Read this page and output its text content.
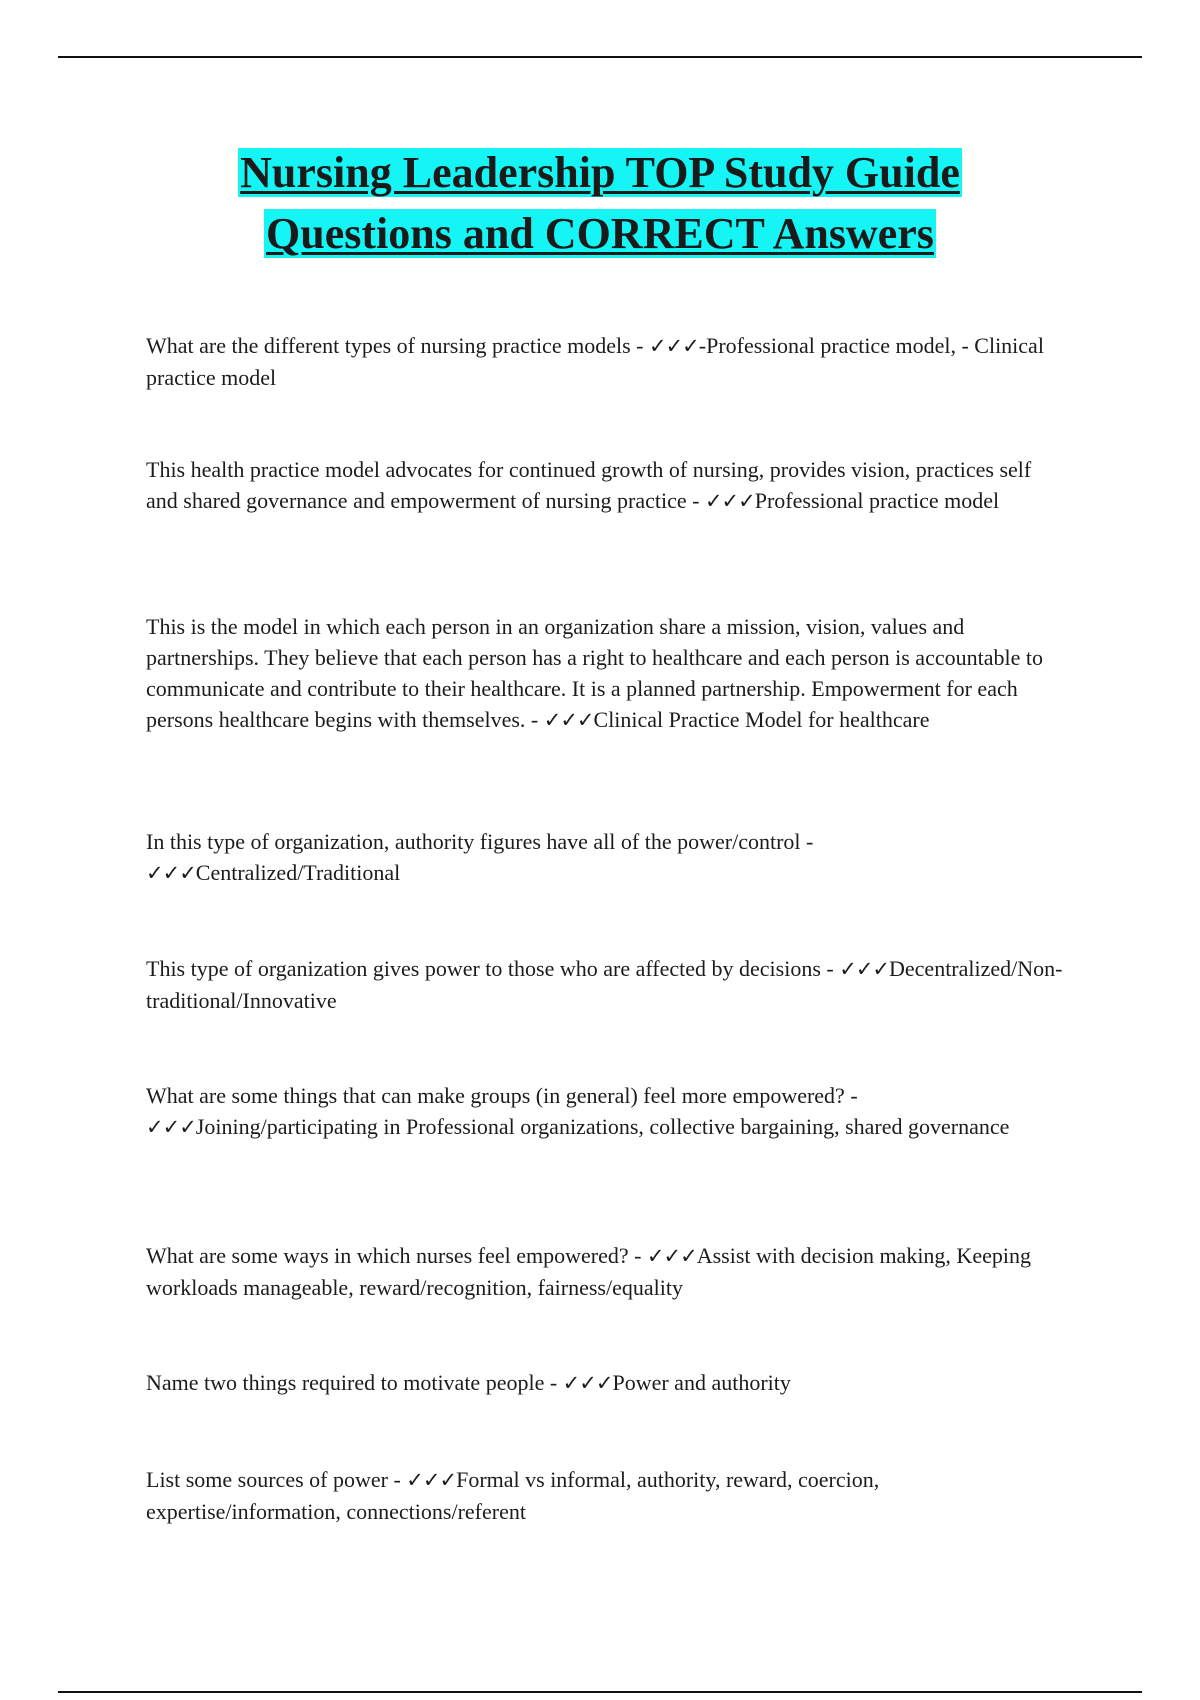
Nursing Leadership TOP Study Guide
Questions and CORRECT Answers

What are the different types of nursing practice models - ✓✓✓-Professional practice model, - Clinical practice model

This health practice model advocates for continued growth of nursing, provides vision, practices self and shared governance and empowerment of nursing practice - ✓✓✓Professional practice model

This is the model in which each person in an organization share a mission, vision, values and partnerships. They believe that each person has a right to healthcare and each person is accountable to communicate and contribute to their healthcare. It is a planned partnership. Empowerment for each persons healthcare begins with themselves. - ✓✓✓Clinical Practice Model for healthcare

In this type of organization, authority figures have all of the power/control - ✓✓✓Centralized/Traditional

This type of organization gives power to those who are affected by decisions - ✓✓✓Decentralized/Non-traditional/Innovative

What are some things that can make groups (in general) feel more empowered? - ✓✓✓Joining/participating in Professional organizations, collective bargaining, shared governance

What are some ways in which nurses feel empowered? - ✓✓✓Assist with decision making, Keeping workloads manageable, reward/recognition, fairness/equality

Name two things required to motivate people - ✓✓✓Power and authority

List some sources of power - ✓✓✓Formal vs informal, authority, reward, coercion, expertise/information, connections/referent
